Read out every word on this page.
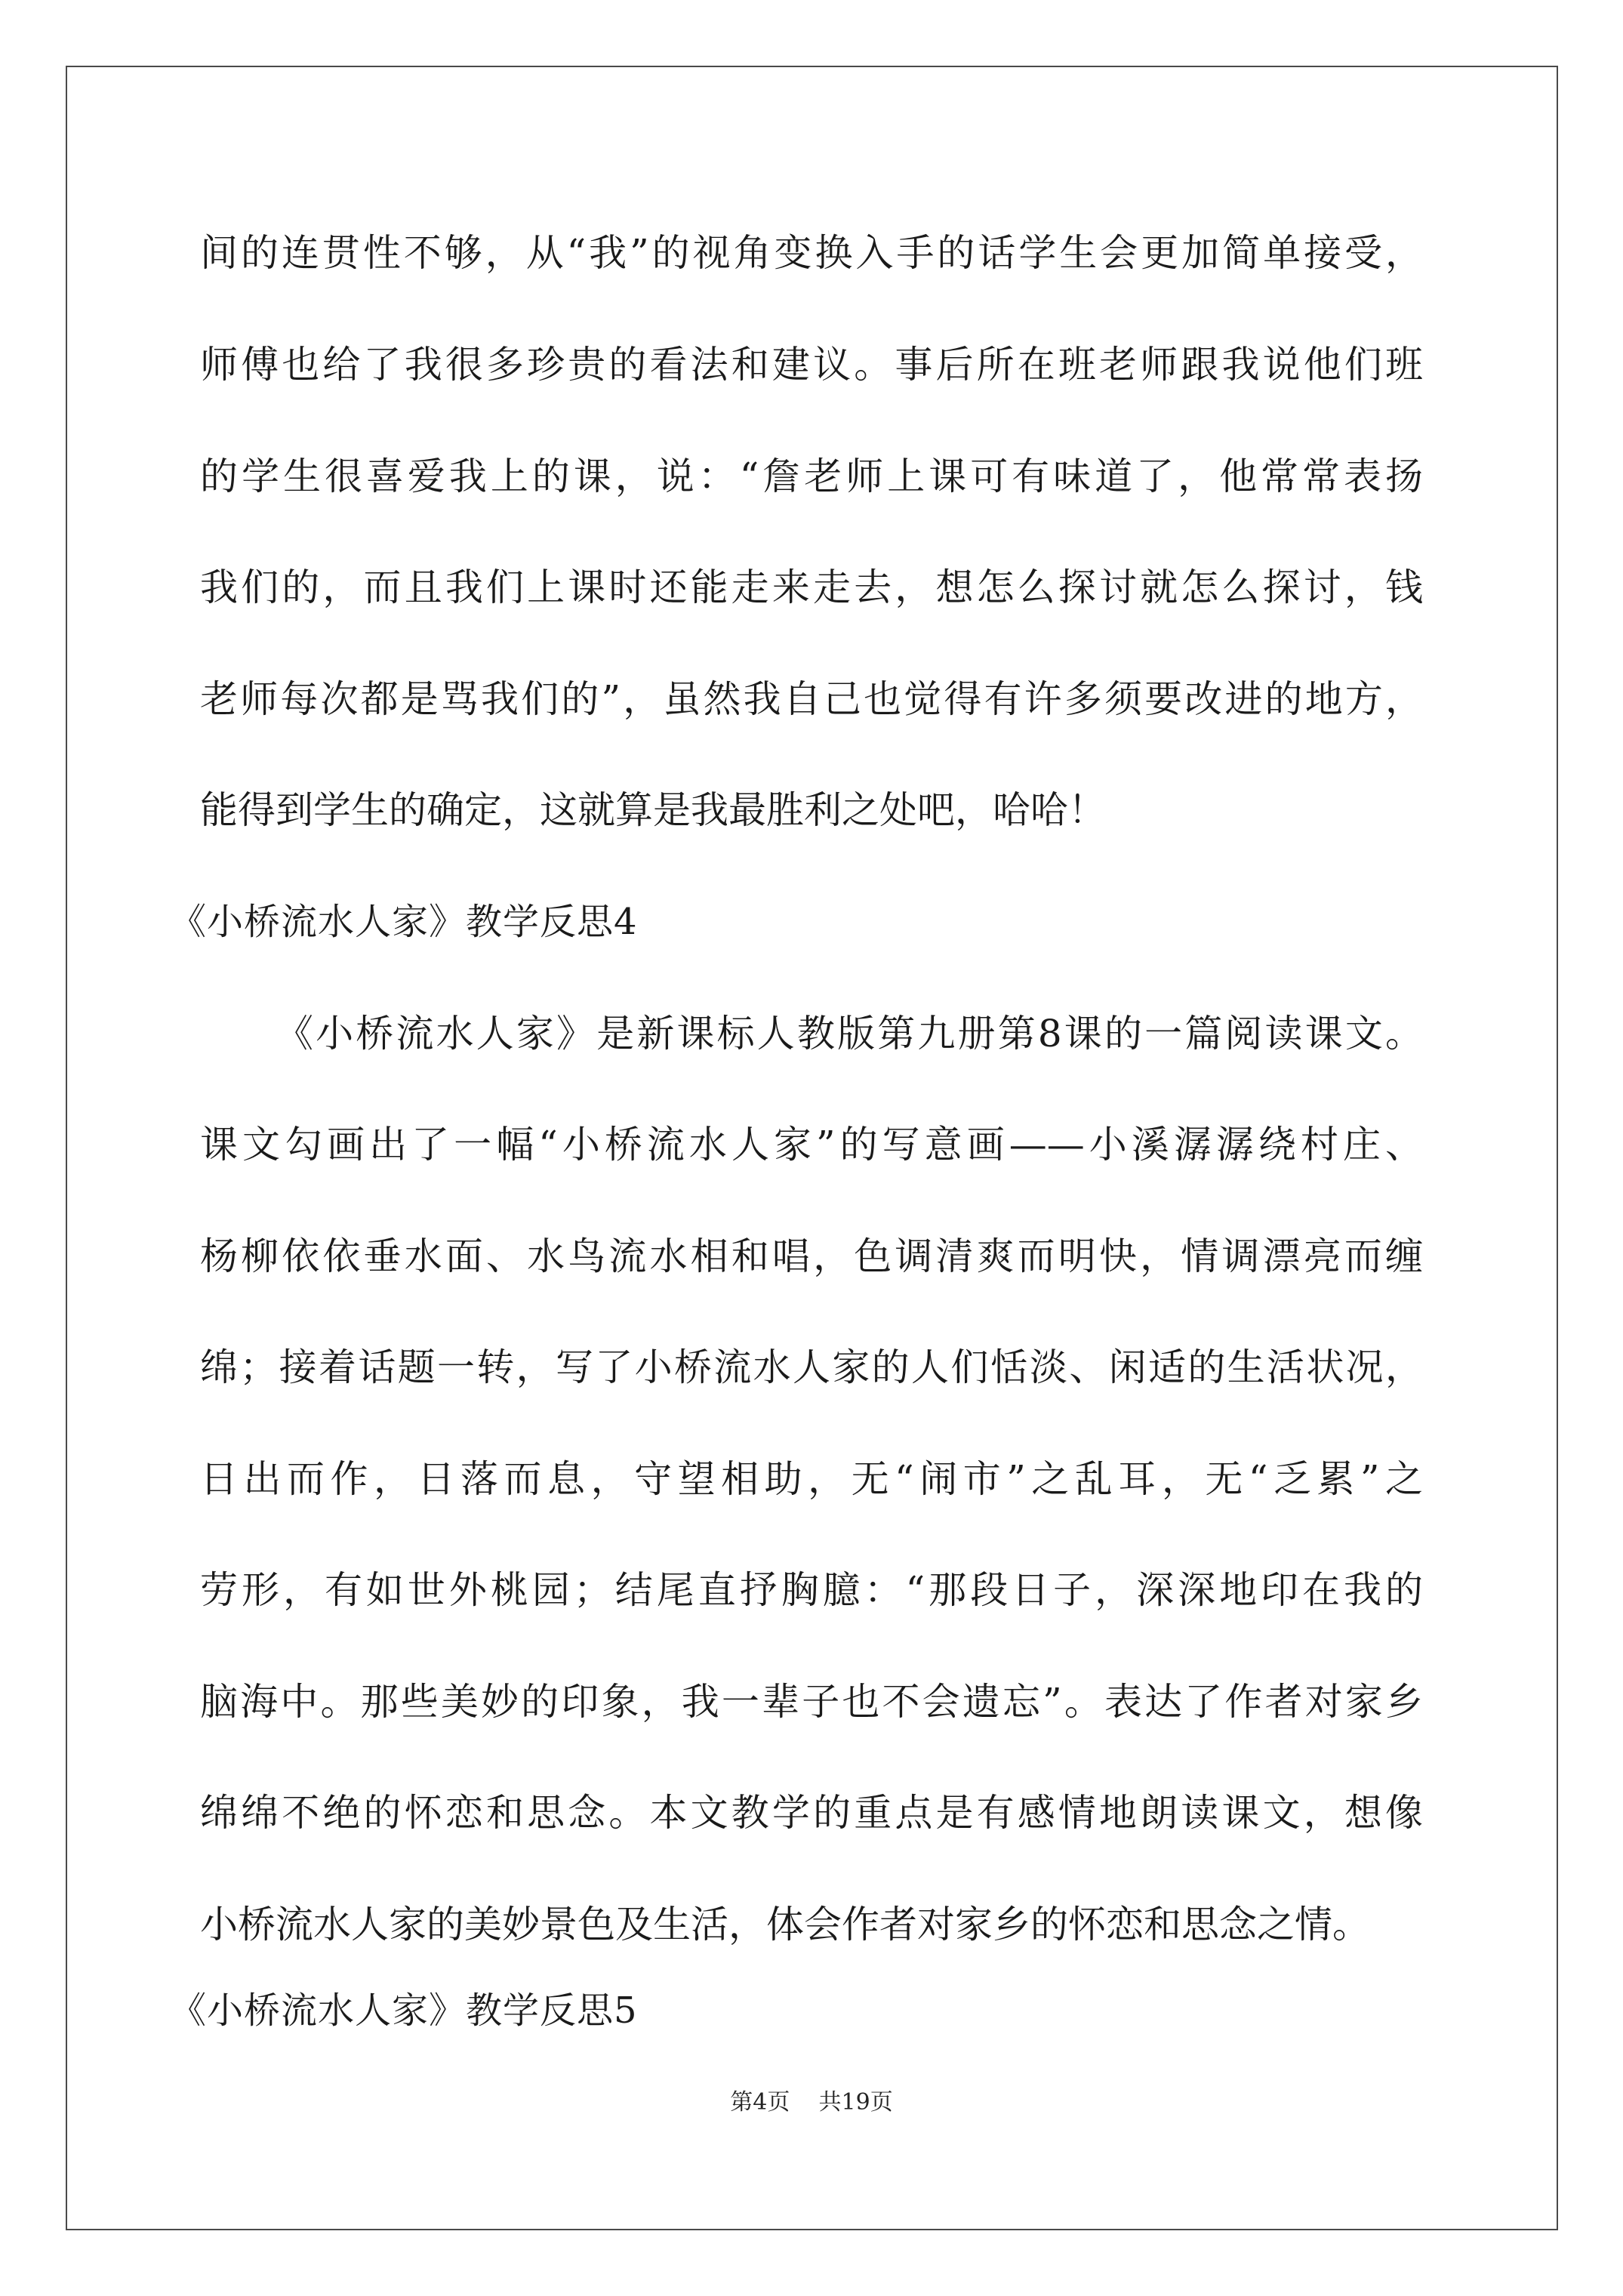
间的连贯性不够，从“我”的视角变换入手的话学生会更加简单接受，
师傅也给了我很多珍贵的看法和建议。事后所在班老师跟我说他们班
的学生很喜爱我上的课，说：“詹老师上课可有味道了，他常常表扬
我们的，而且我们上课时还能走来走去，想怎么探讨就怎么探讨，钱
老师每次都是骂我们的”，虽然我自己也觉得有许多须要改进的地方，
能得到学生的确定，这就算是我最胜利之处吧，哈哈！
《小桥流水人家》教学反思4
《小桥流水人家》是新课标人教版第九册第8课的一篇阅读课文。
课文勾画出了一幅“小桥流水人家”的写意画——小溪潺潺绕村庄、
杨柳依依垂水面、水鸟流水相和唱，色调清爽而明快，情调漂亮而缠
绵；接着话题一转，写了小桥流水人家的人们恬淡、闲适的生活状况，
日出而作，日落而息，守望相助，无“闹市”之乱耳，无“乏累”之
劳形，有如世外桃园；结尾直抒胸臆：“那段日子，深深地印在我的
脑海中。那些美妙的印象，我一辈子也不会遗忘”。表达了作者对家乡
绵绵不绝的怀恋和思念。本文教学的重点是有感情地朗读课文，想像
小桥流水人家的美妙景色及生活，体会作者对家乡的怀恋和思念之情。
《小桥流水人家》教学反思5
第4页 共19页
